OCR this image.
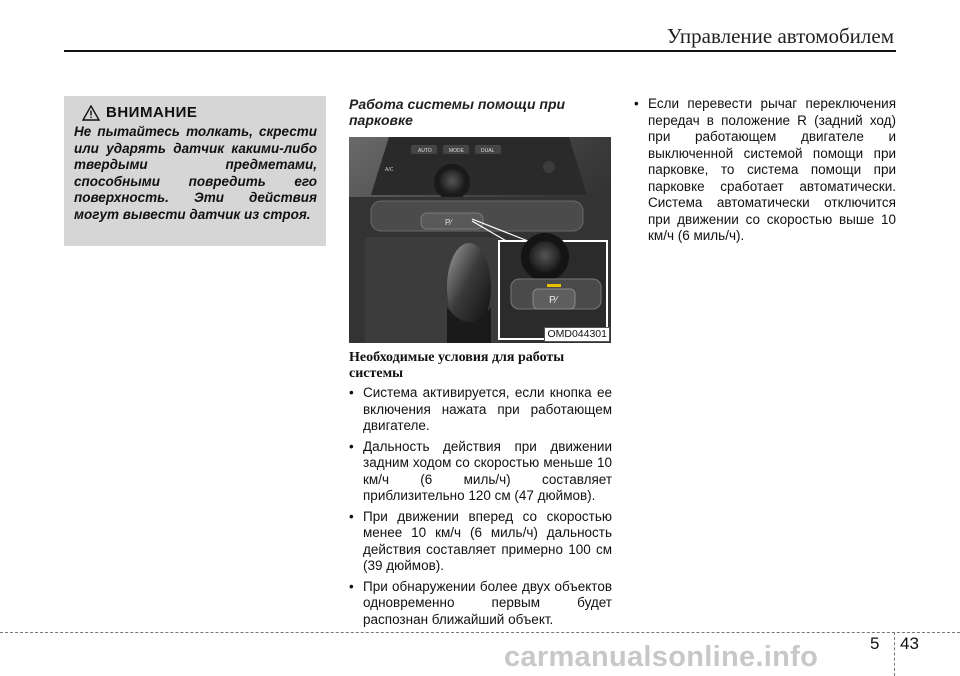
Управление автомобилем
ВНИМАНИЕ
Не пытайтесь толкать, скрести или ударять датчик какими-либо твердыми предметами, способными повредить его поверхность. Эти действия могут вывести датчик из строя.
Работа системы помощи при парковке
AUTO	MODE	DUAL
A/C
P⁄
P⁄
OMD044301
Необходимые условия для работы системы
• Система активируется, если кнопка ее включения нажата при работающем двигателе.
• Дальность действия при движении задним ходом со скоростью меньше 10 км/ч (6 миль/ч) составляет приблизительно 120 см (47 дюймов).
• При движении вперед со скоростью менее 10 км/ч (6 миль/ч) дальность действия составляет примерно 100 см (39 дюймов).
• При обнаружении более двух объектов одновременно первым будет распознан ближайший объект.
• Если перевести рычаг переключения передач в положение R (задний ход) при работающем двигателе и выключенной системой помощи при парковке, то система помощи при парковке сработает автоматически. Система автоматически отключится при движении со скоростью выше 10 км/ч (6 миль/ч).
5 43
carmanualsonline.info
